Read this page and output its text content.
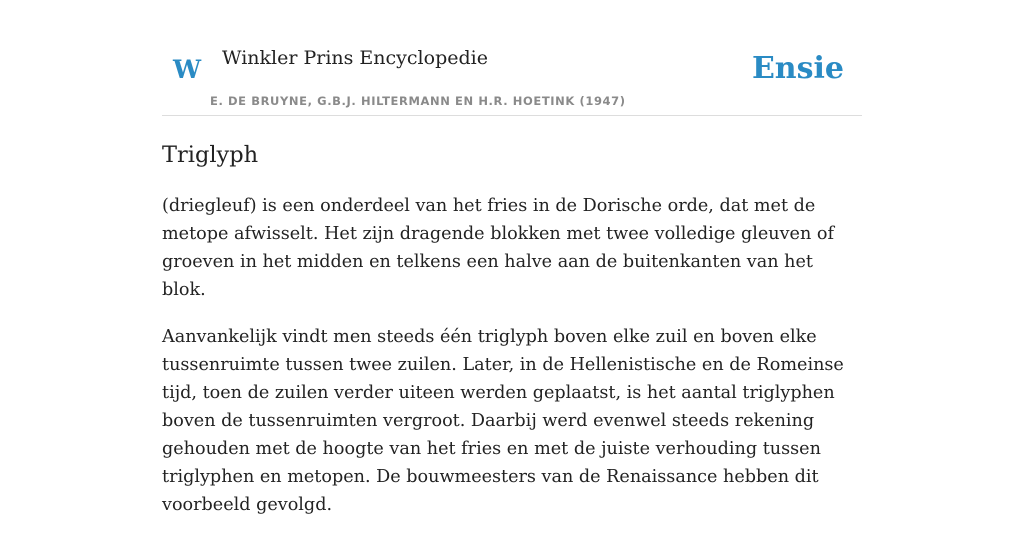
W Winkler Prins Encyclopedie
E. DE BRUYNE, G.B.J. HILTERMANN EN H.R. HOETINK (1947)
Ensie
Triglyph

(driegleuf) is een onderdeel van het fries in de Dorische orde, dat met de metope afwisselt. Het zijn dragende blokken met twee volledige gleuven of groeven in het midden en telkens een halve aan de buitenkanten van het blok.

Aanvankelijk vindt men steeds één triglyph boven elke zuil en boven elke tussenruimte tussen twee zuilen. Later, in de Hellenistische en de Romeinse tijd, toen de zuilen verder uiteen werden geplaatst, is het aantal triglyphen boven de tussenruimten vergroot. Daarbij werd evenwel steeds rekening gehouden met de hoogte van het fries en met de juiste verhouding tussen triglyphen en metopen. De bouwmeesters van de Renaissance hebben dit voorbeeld gevolgd.
